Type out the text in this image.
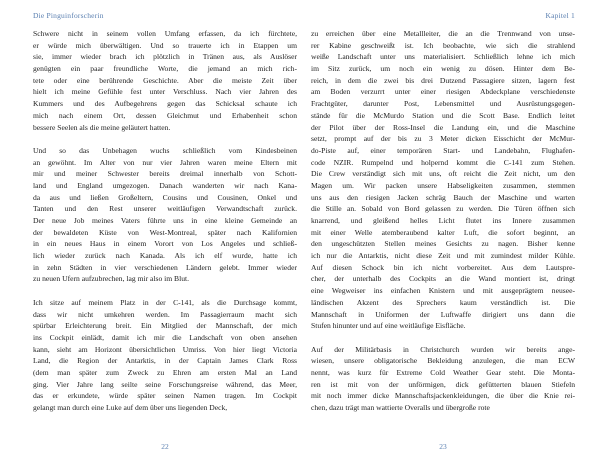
Die Pinguinforscherin
Schwere nicht in seinem vollen Umfang erfassen, da ich fürchtete,
er würde mich überwältigen. Und so trauerte ich in Etappen um
sie, immer wieder brach ich plötzlich in Tränen aus, als Auslöser
genügten ein paar freundliche Worte, die jemand an mich rich-
tete oder eine berührende Geschichte. Aber die meiste Zeit über
hielt ich meine Gefühle fest unter Verschluss. Nach vier Jahren des
Kummers und des Aufbegehrens gegen das Schicksal schaute ich
mich nach einem Ort, dessen Gleichmut und Erhabenheit schon
bessere Seelen als die meine geläutert hatten.
Und so das Unbehagen wuchs schließlich vom Kindesbeinen
an gewöhnt. Im Alter von nur vier Jahren waren meine Eltern mit
mir und meiner Schwester bereits dreimal innerhalb von Schott-
land und England umgezogen. Danach wanderten wir nach Kana-
da aus und ließen Großeltern, Cousins und Cousinen, Onkel und
Tanten und den Rest unserer weitläufigen Verwandtschaft zurück.
Der neue Job meines Vaters führte uns in eine kleine Gemeinde an
der bewaldeten Küste von West-Montreal, später nach Kalifornien
in ein neues Haus in einem Vorort von Los Angeles und schließ-
lich wieder zurück nach Kanada. Als ich elf wurde, hatte ich
in zehn Städten in vier verschiedenen Ländern gelebt. Immer wieder
zu neuen Ufern aufzubrechen, lag mir also im Blut.
Ich sitze auf meinem Platz in der C-141, als die Durchsage kommt,
dass wir nicht umkehren werden. Im Passagierraum macht sich
spürbar Erleichterung breit. Ein Mitglied der Mannschaft, der mich
ins Cockpit einlädt, damit ich mir die Landschaft von oben ansehen
kann, sieht am Horizont übersichtlichen Umriss. Von hier liegt Victoria
Land, die Region der Antarktis, in der Captain James Clark Ross
(dem man später zum Zweck zu Ehren am ersten Mal an Land
ging. Vier Jahre lang seilte seine Forschungsreise während, das Meer,
das er erkundete, würde später seinen Namen tragen. Im Cockpit
gelangt man durch eine Luke auf dem über uns liegenden Deck,
22
Kapitel 1
zu erreichen über eine Metallleiter, die an die Trennwand von unse-
rer Kabine geschweißt ist. Ich beobachte, wie sich die strahlend
weiße Landschaft unter uns materialisiert. Schließlich lehne ich mich
im Sitz zurück, um noch ein wenig zu dösen. Hinter dem Be-
reich, in dem die zwei bis drei Dutzend Passagiere sitzen, lagern fest
am Boden verzurrt unter einer riesigen Abdeckplane verschiedenste
Frachtgüter, darunter Post, Lebensmittel und Ausrüstungsgegen-
stände für die McMurdo Station und die Scott Base. Endlich leitet
der Pilot über der Ross-Insel die Landung ein, und die Maschine
setzt, prompt auf der bis zu 3 Meter dicken Eisschicht der McMur-
do-Piste auf, einer temporären Start- und Landebahn, Flughafen-
code NZIR. Rumpelnd und holpernd kommt die C-141 zum Stehen.
Die Crew verständigt sich mit uns, oft reicht die Zeit nicht, um den
Magen um. Wir packen unsere Habseligkeiten zusammen, stemmen
uns aus den riesigen Jacken schräg Bauch der Maschine und warten
die Stille an. Sobald von Bord gelassen zu werden. Die Türen öffnen sich
knarrend, und gleißend helles Licht flutet ins Innere zusammen
mit einer Welle atemberaubend kalter Luft, die sofort beginnt, an
den ungeschützten Stellen meines Gesichts zu nagen. Bisher kenne
ich nur die Antarktis, nicht diese Zeit und mit zumindest milder Kühle.
Auf diesen Schock bin ich nicht vorbereitet. Aus dem Lautspre-
cher, der unterhalb des Cockpits an die Wand montiert ist, dringt
eine Wegweiser ins einfachen Knistern und mit ausgeprägtem neusee-
ländischen Akzent des Sprechers kaum verständlich ist. Die
Mannschaft in Uniformen der Luftwaffe dirigiert uns dann die
Stufen hinunter und auf eine weitläufige Eisfläche.
Auf der Militärbasis in Christchurch wurden wir bereits ange-
wiesen, unsere obligatorische Bekleidung anzulegen, die man ECW
nennt, was kurz für Extreme Cold Weather Gear steht. Die Monta-
ren ist mit von der unförmigen, dick gefütterten blauen Stiefeln
mit noch immer dicke Mannschaftsjackenkleidungen, die über die Knie rei-
chen, dazu trägt man wattierte Overalls und übergroße rote
23
